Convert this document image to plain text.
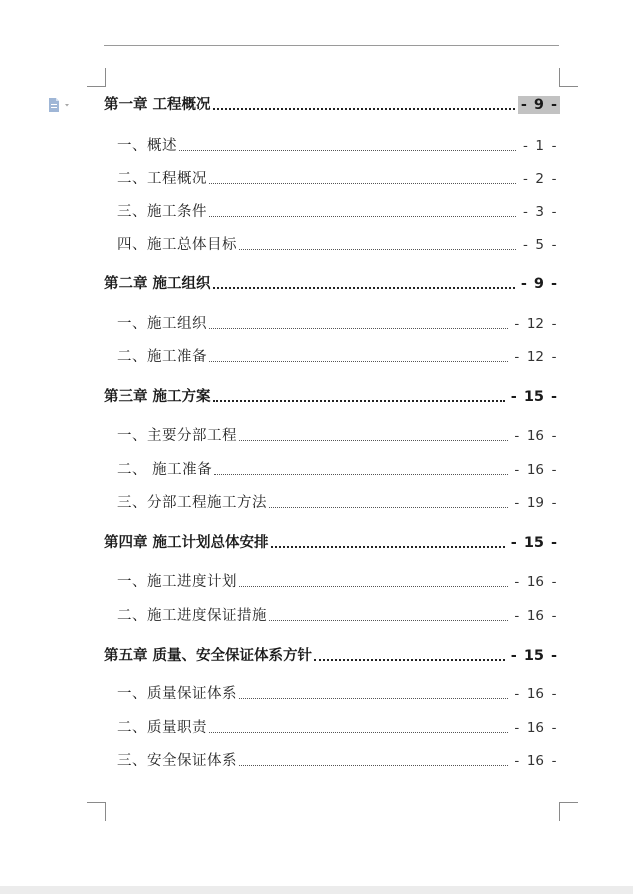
第一章 工程概况	- 9 -
一、概述	- 1 -
二、工程概况	- 2 -
三、施工条件	- 3 -
四、施工总体目标	- 5 -
第二章 施工组织	- 9 -
一、施工组织	- 12 -
二、施工准备	- 12 -
第三章 施工方案	- 15 -
一、主要分部工程	- 16 -
二、 施工准备	- 16 -
三、分部工程施工方法	- 19 -
第四章 施工计划总体安排	- 15 -
一、施工进度计划	- 16 -
二、施工进度保证措施	- 16 -
第五章 质量、安全保证体系方针	- 15 -
一、质量保证体系	- 16 -
二、质量职责	- 16 -
三、安全保证体系	- 16 -
